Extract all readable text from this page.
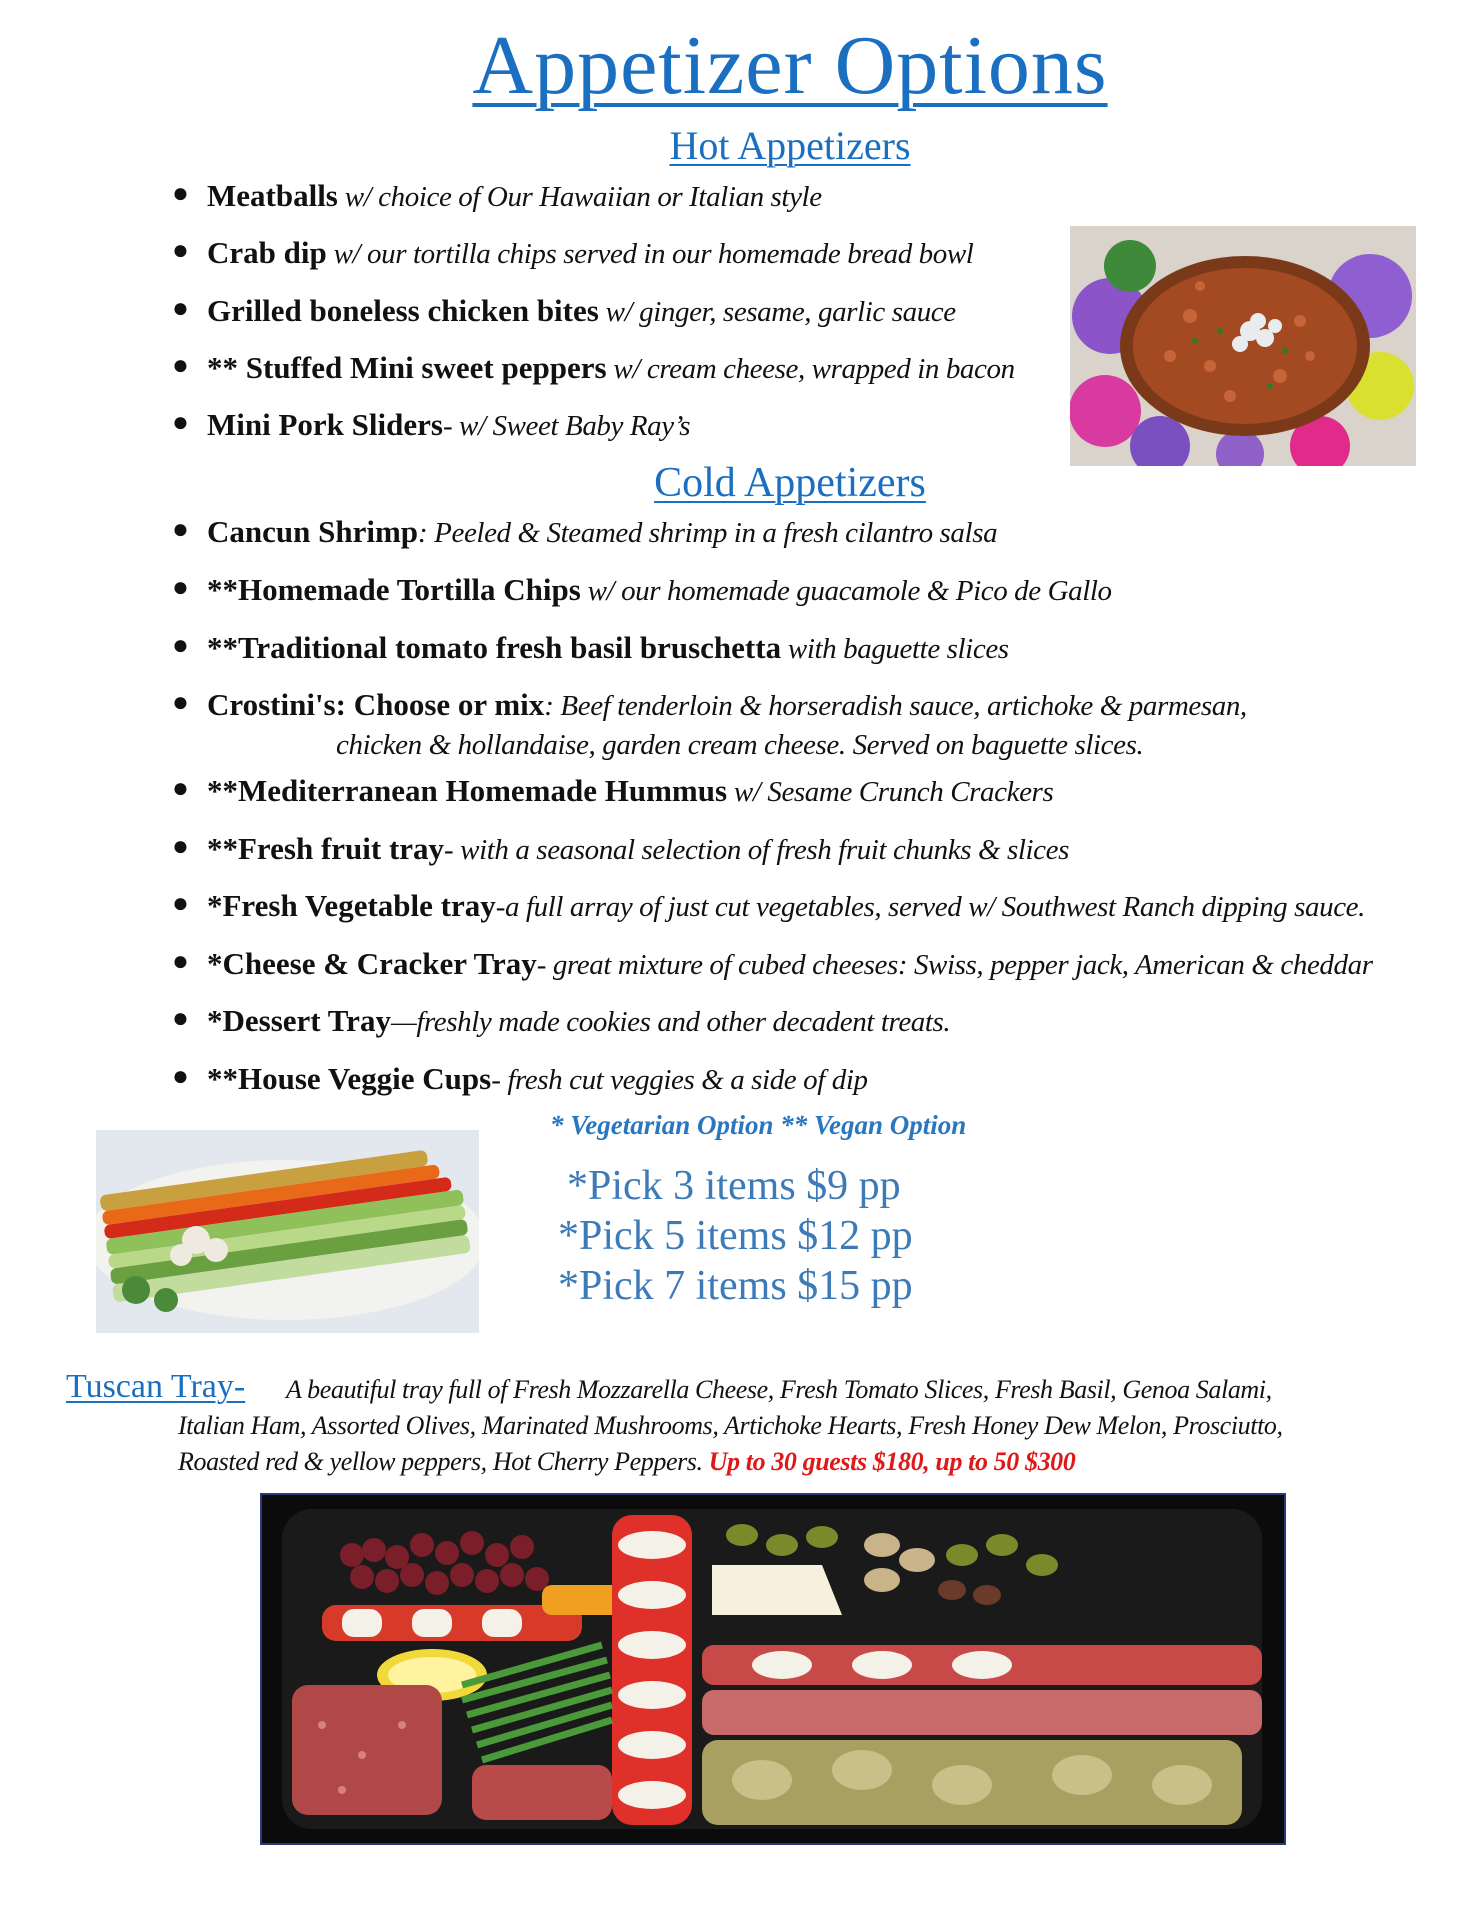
Appetizer Options
Hot Appetizers
● Meatballs w/ choice of Our Hawaiian or Italian style
● Crab dip w/ our tortilla chips served in our homemade bread bowl
● Grilled boneless chicken bites w/ ginger, sesame, garlic sauce
● ** Stuffed Mini sweet peppers w/ cream cheese, wrapped in bacon
● Mini Pork Sliders- w/ Sweet Baby Ray’s
Cold Appetizers
● Cancun Shrimp: Peeled & Steamed shrimp in a fresh cilantro salsa
● **Homemade Tortilla Chips w/ our homemade guacamole & Pico de Gallo
● **Traditional tomato fresh basil bruschetta with baguette slices
● Crostini's: Choose or mix: Beef tenderloin & horseradish sauce, artichoke & parmesan,
chicken & hollandaise, garden cream cheese. Served on baguette slices.
● **Mediterranean Homemade Hummus w/ Sesame Crunch Crackers
● **Fresh fruit tray- with a seasonal selection of fresh fruit chunks & slices
● *Fresh Vegetable tray-a full array of just cut vegetables, served w/ Southwest Ranch dipping sauce.
● *Cheese & Cracker Tray- great mixture of cubed cheeses: Swiss, pepper jack, American & cheddar
● *Dessert Tray—freshly made cookies and other decadent treats.
● **House Veggie Cups- fresh cut veggies & a side of dip
* Vegetarian Option ** Vegan Option
*Pick 3 items $9 pp
*Pick 5 items $12 pp
*Pick 7 items $15 pp
Tuscan Tray- A beautiful tray full of Fresh Mozzarella Cheese, Fresh Tomato Slices, Fresh Basil, Genoa Salami,
Italian Ham, Assorted Olives, Marinated Mushrooms, Artichoke Hearts, Fresh Honey Dew Melon, Prosciutto,
Roasted red & yellow peppers, Hot Cherry Peppers. Up to 30 guests $180, up to 50 $300
